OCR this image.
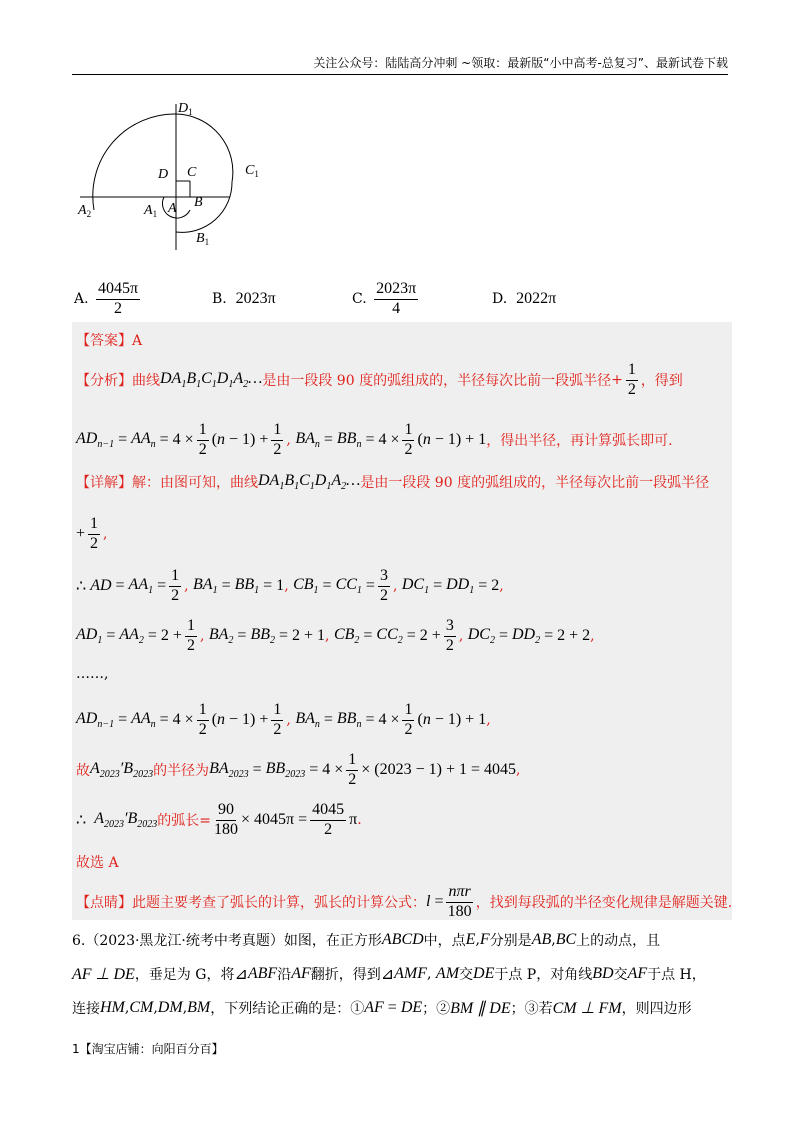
关注公众号：陆陆高分冲刺 ~领取：最新版“小中高考-总复习”、最新试卷下载
$D_1$
$C_1$
D C
$A_2$	$A_1$ A B
$B_1$
A.
$\frac{4045\pi}{2}$	B.
2023π	C.
$\frac{2023\pi}{4}$	D.
2022π
【答案】A
【分析】 曲线 $DA_1B_1C_1D_1A_2\dots$ 是由一段段 90 度的弧组成的，半径每次比前一段弧半径 + $\frac{1}{2}$ ，得到
$AD_{n-1} = AA_n = 4 \times \frac{1}{2} (n - 1) + \frac{1}{2}$ , $BA_n = BB_n = 4 \times \frac{1}{2} (n - 1) + 1$ ， 得出半径，再计算弧长即可.
【详解】 解：由图可知，曲线 $DA_1B_1C_1D_1A_2\dots$ 是由一段段 90 度的弧组成的，半径每次比前一段弧半径
+ $\frac{1}{2}$ ,
∴
AD = $AA_1 = \frac{1}{2}$ , $BA_1 = BB_1 = 1$ , $CB_1 = CC_1 = \frac{3}{2}$ , $DC_1 = DD_1 = 2$ ,
$AD_1 = AA_2 = 2 + \frac{1}{2}$ , $BA_2 = BB_2 = 2 + 1$ , $CB_2 = CC_2 = 2 + \frac{3}{2}$ , $DC_2 = DD_2 = 2 + 2$ ,
……,
$AD_{n-1} = AA_n = 4 \times \frac{1}{2} (n - 1) + \frac{1}{2}$ , $BA_n = BB_n = 4 \times \frac{1}{2} (n - 1) + 1$ ,
故 $A_{2023}'B_{2023}$ 的半径为 $BA_{2023} = BB_{2023} = 4 \times \frac{1}{2} \times (2023 - 1) + 1 = 4045$ ,
∴
$A_{2023}'B_{2023}$ 的弧长= $\frac{90}{180} \times 4045\pi = \frac{4045}{2}$ π .
故选 A
【点睛】 此题主要考查了弧长的计算，弧长的计算公式： $l = \frac{\text{nπr}}{180}$ ，找到每段弧的半径变化规律是解题关键.
6.（2023·黑龙江·统考中考真题）如图，在正方形 ABCD 中，点 E , F 分别是 AB , BC 上的动点，且
AF ⊥ DE ，垂足为 G，将 ⊿ ABF 沿 AF 翻折，得到 ⊿ AMF , AM 交 DE 于点 P，对角线 BD 交 AF 于点 H，
连接 HM , CM , DM , BM ，下列结论正确的是：① AF = DE ；② BM ∥ DE ；③若 CM ⊥ FM ，则四边形
1【淘宝店铺：向阳百分百】
